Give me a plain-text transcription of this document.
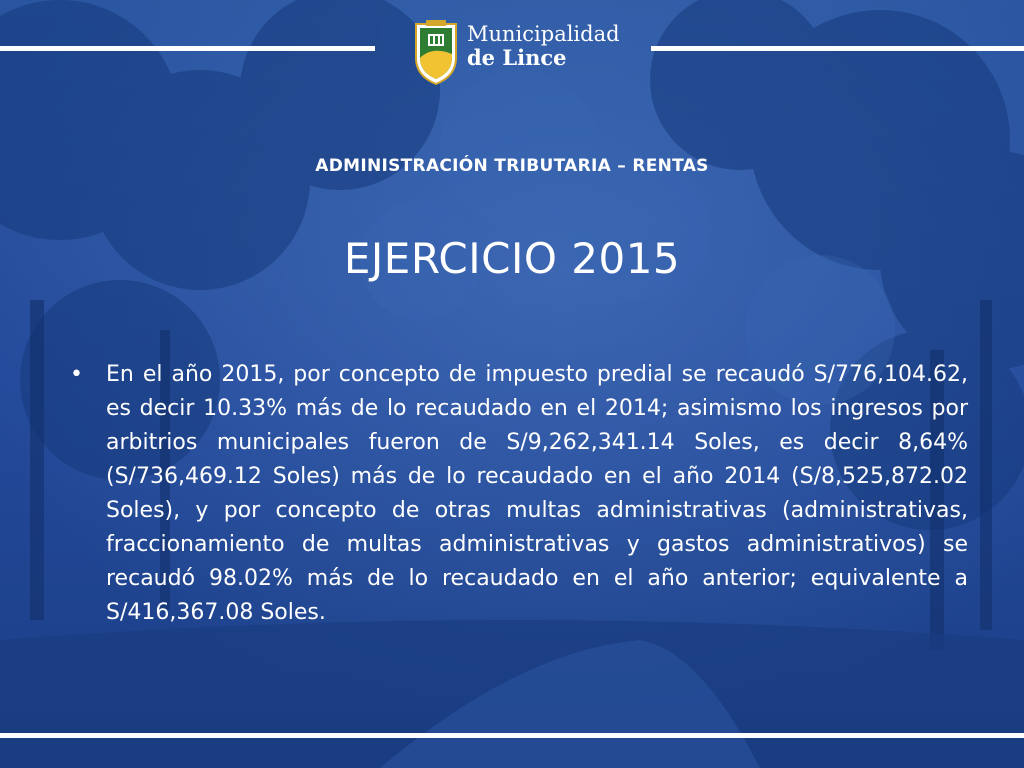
Municipalidad
de Lince
ADMINISTRACIÓN TRIBUTARIA – RENTAS
EJERCICIO 2015
• En el año 2015, por concepto de impuesto predial se recaudó S/776,104.62, es decir 10.33% más de lo recaudado en el 2014; asimismo los ingresos por arbitrios municipales fueron de S/9,262,341.14 Soles, es decir 8,64% (S/736,469.12 Soles) más de lo recaudado en el año 2014 (S/8,525,872.02 Soles), y por concepto de otras multas administrativas (administrativas, fraccionamiento de multas administrativas y gastos administrativos) se recaudó 98.02% más de lo recaudado en el año anterior; equivalente a S/416,367.08 Soles.
